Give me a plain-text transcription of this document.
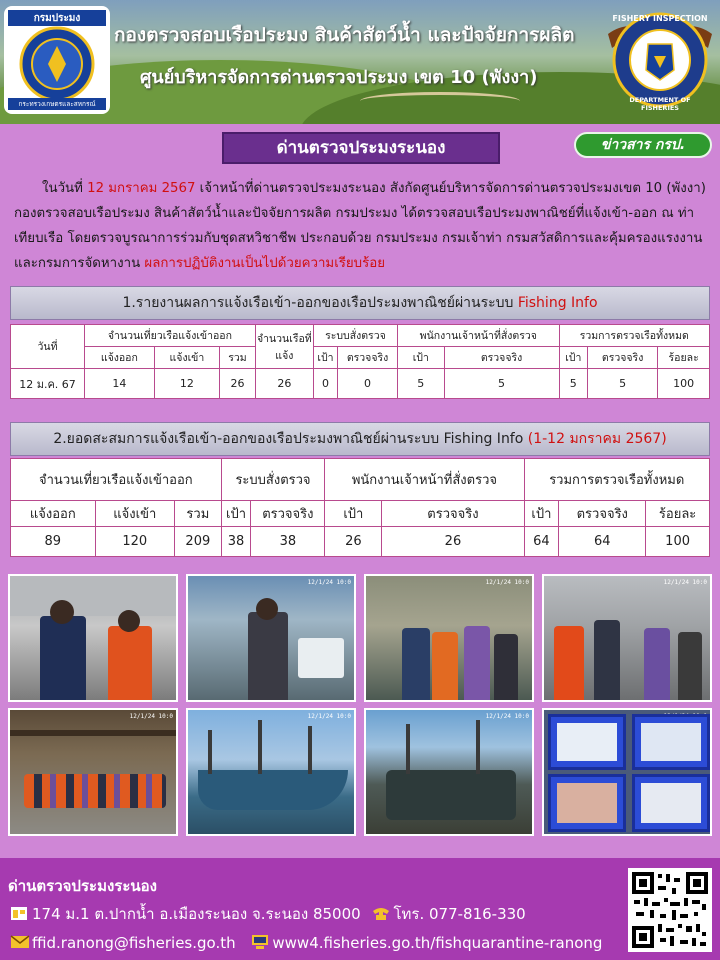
กรมประมง
กระทรวงเกษตรและสหกรณ์
กองตรวจสอบเรือประมง สินค้าสัตว์น้ำ และปัจจัยการผลิต
ศูนย์บริหารจัดการด่านตรวจประมง เขต 10 (พังงา)
FISHERY INSPECTION
DEPARTMENT OF FISHERIES
ด่านตรวจประมงระนอง	ข่าวสาร กรป.
ในวันที่ 12 มกราคม 2567 เจ้าหน้าที่ด่านตรวจประมงระนอง สังกัดศูนย์บริหารจัดการด่านตรวจประมงเขต 10 (พังงา) กองตรวจสอบเรือประมง สินค้าสัตว์น้ำและปัจจัยการผลิต กรมประมง ได้ตรวจสอบเรือประมงพาณิชย์ที่แจ้งเข้า-ออก ณ ท่าเทียบเรือ โดยตรวจบูรณาการร่วมกับชุดสหวิชาชีพ ประกอบด้วย กรมประมง กรมเจ้าท่า กรมสวัสดิการและคุ้มครองแรงงาน และกรมการจัดหางาน ผลการปฏิบัติงานเป็นไปด้วยความเรียบร้อย
1.รายงานผลการแจ้งเรือเข้า-ออกของเรือประมงพาณิชย์ผ่านระบบ Fishing Info
วันที่	จำนวนเที่ยวเรือแจ้งเข้าออก			จำนวนเรือที่แจ้ง	ระบบสั่งตรวจ		พนักงานเจ้าหน้าที่สั่งตรวจ		รวมการตรวจเรือทั้งหมด		
	แจ้งออก	แจ้งเข้า	รวม		เป้า	ตรวจจริง	เป้า	ตรวจจริง	เป้า	ตรวจจริง	ร้อยละ
12 ม.ค. 67	14	12	26	26	0	0	5	5	5	5	100
2.ยอดสะสมการแจ้งเรือเข้า-ออกของเรือประมงพาณิชย์ผ่านระบบ Fishing Info (1-12 มกราคม 2567)
จำนวนเที่ยวเรือแจ้งเข้าออก			ระบบสั่งตรวจ		พนักงานเจ้าหน้าที่สั่งตรวจ		รวมการตรวจเรือทั้งหมด		
แจ้งออก	แจ้งเข้า	รวม	เป้า	ตรวจจริง	เป้า	ตรวจจริง	เป้า	ตรวจจริง	ร้อยละ
89	120	209	38	38	26	26	64	64	100
12/1/24 10:0	12/1/24 10:0	12/1/24 10:0
12/1/24 10:0	12/1/24 10:0	12/1/24 10:0
ด่านตรวจประมงระนอง
174 ม.1 ต.ปากน้ำ อ.เมืองระนอง จ.ระนอง 85000 โทร. 077-816-330
ffid.ranong@fisheries.go.th www4.fisheries.go.th/fishquarantine-ranong
